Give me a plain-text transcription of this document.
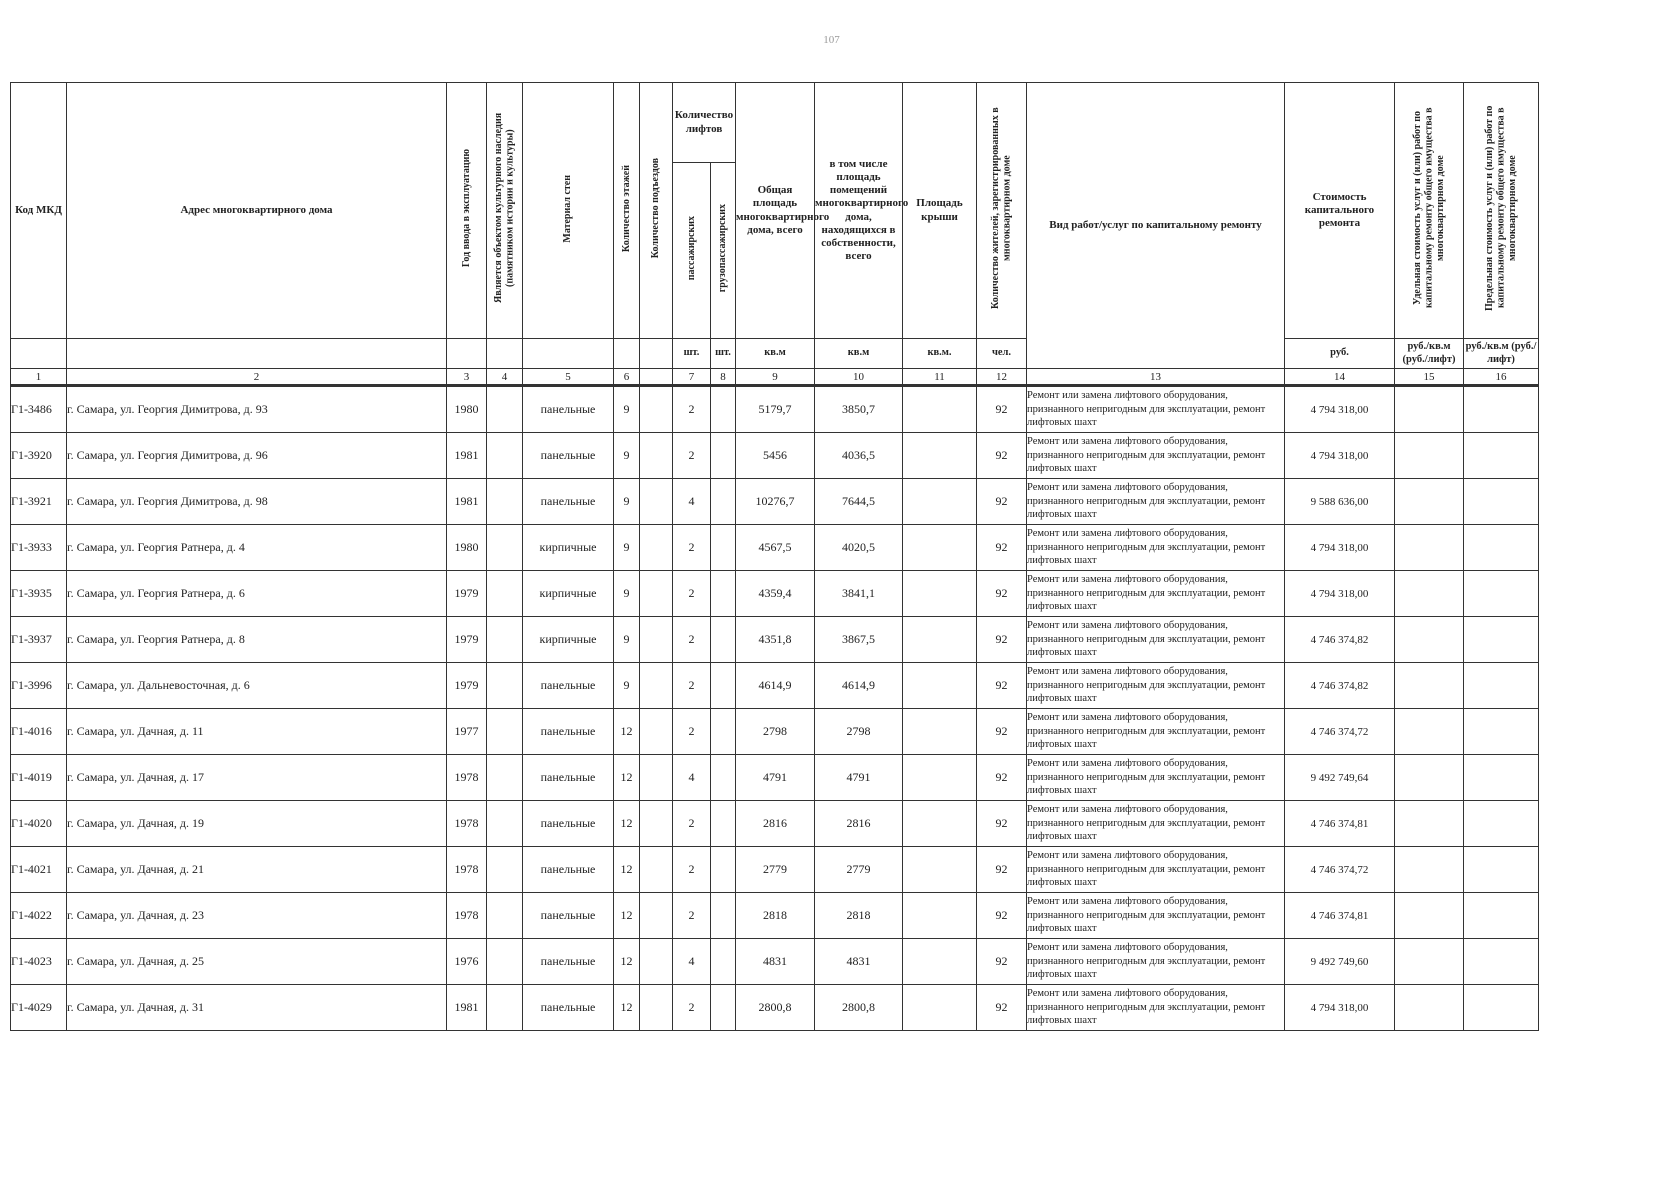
107
Код МКД	Адрес многоквартирного дома	Год ввода в эксплуатацию	Является объектом культурного наследия (памятником истории и культуры)	Материал стен	Количество этажей	Количество подъездов	Количество лифтов		Общая площадь многоквартирного дома, всего	в том числе площадь помещений многоквартирного дома, находящихся в собственности, всего	Площадь крыши	Количество жителей, зарегистрированных в многоквартирном доме	Вид работ/услуг по капитальному ремонту	Стоимость капитального ремонта	Удельная стоимость услуг и (или) работ по капитальному ремонту общего имущества в многоквартирном доме	Предельная стоимость услуг и (или) работ по капитальному ремонту общего имущества в многоквартирном доме
							пассажирских	грузопассажирских								
							шт.	шт.	кв.м	кв.м	кв.м.	чел.		руб.	руб./кв.м (руб./лифт)	руб./кв.м (руб./лифт)
1	2	3	4	5	6		7	8	9	10	11	12	13	14	15	16
Г1-3486	г. Самара, ул. Георгия Димитрова, д. 93	1980		панельные	9		2		5179,7	3850,7		92	Ремонт или замена лифтового оборудования, признанного непригодным для эксплуатации, ремонт лифтовых шахт	4 794 318,00		
Г1-3920	г. Самара, ул. Георгия Димитрова, д. 96	1981		панельные	9		2		5456	4036,5		92	Ремонт или замена лифтового оборудования, признанного непригодным для эксплуатации, ремонт лифтовых шахт	4 794 318,00		
Г1-3921	г. Самара, ул. Георгия Димитрова, д. 98	1981		панельные	9		4		10276,7	7644,5		92	Ремонт или замена лифтового оборудования, признанного непригодным для эксплуатации, ремонт лифтовых шахт	9 588 636,00		
Г1-3933	г. Самара, ул. Георгия Ратнера, д. 4	1980		кирпичные	9		2		4567,5	4020,5		92	Ремонт или замена лифтового оборудования, признанного непригодным для эксплуатации, ремонт лифтовых шахт	4 794 318,00		
Г1-3935	г. Самара, ул. Георгия Ратнера, д. 6	1979		кирпичные	9		2		4359,4	3841,1		92	Ремонт или замена лифтового оборудования, признанного непригодным для эксплуатации, ремонт лифтовых шахт	4 794 318,00		
Г1-3937	г. Самара, ул. Георгия Ратнера, д. 8	1979		кирпичные	9		2		4351,8	3867,5		92	Ремонт или замена лифтового оборудования, признанного непригодным для эксплуатации, ремонт лифтовых шахт	4 746 374,82		
Г1-3996	г. Самара, ул. Дальневосточная, д. 6	1979		панельные	9		2		4614,9	4614,9		92	Ремонт или замена лифтового оборудования, признанного непригодным для эксплуатации, ремонт лифтовых шахт	4 746 374,82		
Г1-4016	г. Самара, ул. Дачная, д. 11	1977		панельные	12		2		2798	2798		92	Ремонт или замена лифтового оборудования, признанного непригодным для эксплуатации, ремонт лифтовых шахт	4 746 374,72		
Г1-4019	г. Самара, ул. Дачная, д. 17	1978		панельные	12		4		4791	4791		92	Ремонт или замена лифтового оборудования, признанного непригодным для эксплуатации, ремонт лифтовых шахт	9 492 749,64		
Г1-4020	г. Самара, ул. Дачная, д. 19	1978		панельные	12		2		2816	2816		92	Ремонт или замена лифтового оборудования, признанного непригодным для эксплуатации, ремонт лифтовых шахт	4 746 374,81		
Г1-4021	г. Самара, ул. Дачная, д. 21	1978		панельные	12		2		2779	2779		92	Ремонт или замена лифтового оборудования, признанного непригодным для эксплуатации, ремонт лифтовых шахт	4 746 374,72		
Г1-4022	г. Самара, ул. Дачная, д. 23	1978		панельные	12		2		2818	2818		92	Ремонт или замена лифтового оборудования, признанного непригодным для эксплуатации, ремонт лифтовых шахт	4 746 374,81		
Г1-4023	г. Самара, ул. Дачная, д. 25	1976		панельные	12		4		4831	4831		92	Ремонт или замена лифтового оборудования, признанного непригодным для эксплуатации, ремонт лифтовых шахт	9 492 749,60		
Г1-4029	г. Самара, ул. Дачная, д. 31	1981		панельные	12		2		2800,8	2800,8		92	Ремонт или замена лифтового оборудования, признанного непригодным для эксплуатации, ремонт лифтовых шахт	4 794 318,00		
